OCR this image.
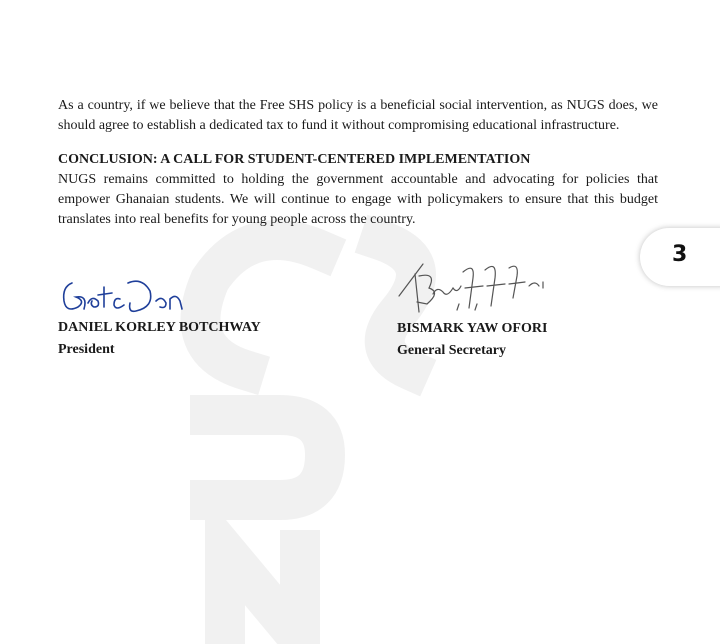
As a country, if we believe that the Free SHS policy is a beneficial social intervention, as NUGS does, we should agree to establish a dedicated tax to fund it without compromising educational infrastructure.

CONCLUSION: A CALL FOR STUDENT-CENTERED IMPLEMENTATION

NUGS remains committed to holding the government accountable and advocating for policies that empower Ghanaian students. We will continue to engage with policymakers to ensure that this budget translates into real benefits for young people across the country.

DANIEL KORLEY BOTCHWAY
President
BISMARK YAW OFORI
General Secretary
3
